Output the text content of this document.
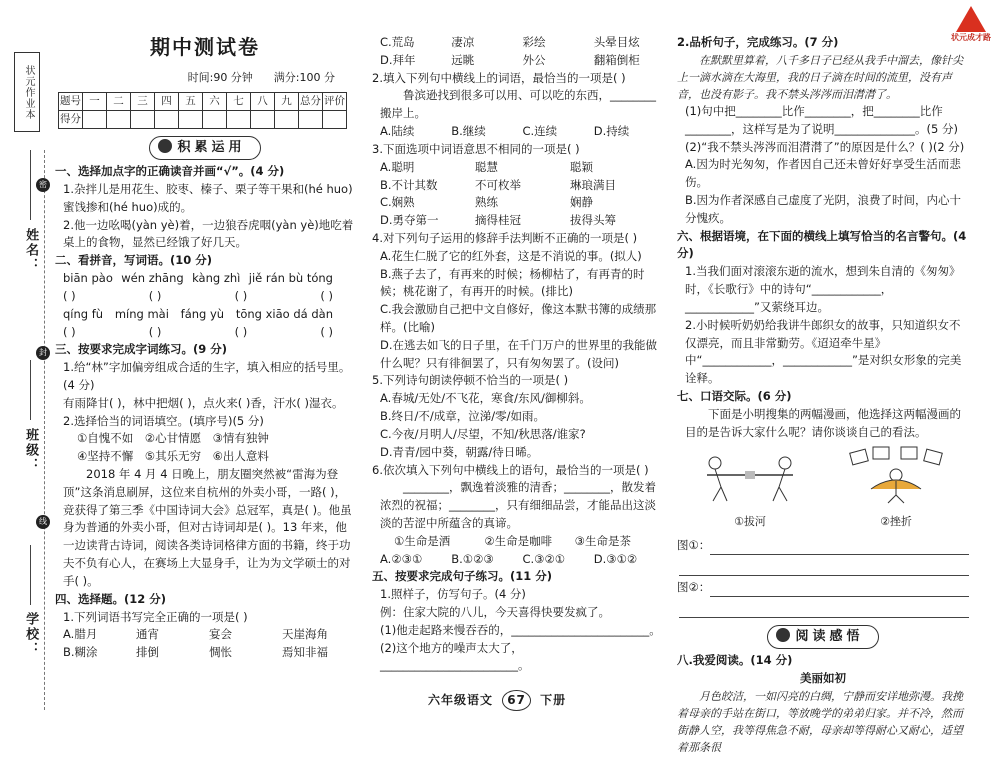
状元作业本
密
封
线
姓名：
班级：
学校：
状元成才路
期中测试卷
时间:90 分钟 满分:100 分
题号	一	二	三	四	五	六	七	八	九	总分	评价
得分											
积累运用

一、选择加点字的正确读音并画“√”。(4 分)

1.杂拌儿是用花生、胶枣、榛子、栗子等干果和(hé huo)蜜饯掺和(hé huo)成的。

2.他一边吆喝(yàn yè)着，一边狼吞虎咽(yàn yè)地吃着桌上的食物，显然已经饿了好几天。

二、看拼音，写词语。(10 分)

biān pào wén zhāng kàng zhì jiě rán bù tóng
( )	( )	( )	( )
qíng fù míng mài fáng yù tōng xiāo dá dàn
( )	( )	( )	( )

三、按要求完成字词练习。(9 分)

1.给“林”字加偏旁组成合适的生字，填入相应的括号里。(4 分)

有雨降甘( )，林中把烟( )，点火来( )香，汗水( )湿衣。

2.选择恰当的词语填空。(填序号)(5 分)

①自愧不如　②心甘情愿　③情有独钟

④坚持不懈　⑤其乐无穷　⑥出人意料

2018 年 4 月 4 日晚上，朋友圈突然被“雷海为登顶”这条消息刷屏，这位来自杭州的外卖小哥，一路( )，竞获得了第三季《中国诗词大会》总冠军，真是( )。他虽身为普通的外卖小哥，但对古诗词却是( )。13 年来，他一边读背古诗词，阅读各类诗词格律方面的书籍，终于功夫不负有心人，在赛场上大显身手，让为为文学硕士的对手( )。

四、选择题。(12 分)

1.下列词语书写完全正确的一项是( )

A.腊月	通宵	宴会	天崖海角
B.糊涂	排倒	惆怅	焉知非福
C.荒岛	凄凉	彩绘	头晕目炫
D.拜年	远眺	外公	翻箱倒柜

2.填入下列句中横线上的词语，最恰当的一项是( )

鲁滨逊找到很多可以用、可以吃的东西，________搬岸上。

A.陆续	B.继续	C.连续	D.持续

3.下面选项中词语意思不相同的一项是( )

A.聪明	聪慧	聪颖
B.不计其数	不可枚举	琳琅满目
C.娴熟	熟练	娴静
D.勇夺第一	摘得桂冠	拔得头筹

4.对下列句子运用的修辞手法判断不正确的一项是( )

A.花生仁脱了它的红外套，这是不消说的事。(拟人)

B.燕子去了，有再来的时候；杨柳枯了，有再青的时候；桃花谢了，有再开的时候。(排比)

C.我会激励自己把中文自修好，像这本默书簿的成绩那样。(比喻)

D.在逃去如飞的日子里，在千门万户的世界里的我能做什么呢？只有徘徊罢了，只有匆匆罢了。(设问)

5.下列诗句朗读停顿不恰当的一项是( )

A.春城/无处/不飞花，寒食/东风/御柳斜。

B.终日/不/成章，泣涕/零/如雨。

C.今夜/月明人/尽望，不知/秋思落/谁家?

D.青青/园中葵，朝露/待日晞。

6.依次填入下列句中横线上的语句，最恰当的一项是( )

________，飘逸着淡雅的清香；________，散发着浓烈的祝福；________，只有细细品尝，才能品出这淡淡的苦涩中所蕴含的真谛。

①生命是酒	②生命是咖啡	③生命是茶
A.②③①	B.①②③	C.③②①	D.③①②

五、按要求完成句子练习。(11 分)

1.照样子，仿写句子。(4 分)

例：住家大院的八儿，今天喜得快要发疯了。

(1)他走起路来慢吞吞的，________________________。

(2)这个地方的噪声太大了，________________________。

2.品析句子，完成练习。(7 分)

在默默里算着，八千多日子已经从我手中溜去，像针尖上一滴水滴在大海里，我的日子滴在时间的流里，没有声音，也没有影子。我不禁头涔涔而泪潸潸了。

(1)句中把________比作________，把________比作________，这样写是为了说明______________。(5 分)

(2)“我不禁头涔涔而泪潸潸了”的原因是什么？( )(2 分)

A.因为时光匆匆，作者因自己还未曾好好享受生活而悲伤。

B.因为作者深感自己虚度了光阴，浪费了时间，内心十分愧疚。

六、根据语境，在下面的横线上填写恰当的名言警句。(4 分)

1.当我们面对滚滚东逝的流水，想到朱自清的《匆匆》时，《长歌行》中的诗句“____________，____________”又萦绕耳边。

2.小时候听奶奶给我讲牛郎织女的故事，只知道织女不仅漂亮，而且非常勤劳。《迢迢牵牛星》中“____________，____________”是对织女形象的完美诠释。

七、口语交际。(6 分)

下面是小明搜集的两幅漫画，他选择这两幅漫画的目的是告诉大家什么呢？请你谈谈自己的看法。

①拔河	②挫折
图①：
图②：
阅读感悟

八.我爱阅读。(14 分)

美丽如初

月色皎洁，一如闪亮的白绸，宁静而安详地弥漫。我挽着母亲的手站在街口，等放晚学的弟弟归家。并不冷，然而街静人空，我等得焦急不耐，母亲却等得耐心又耐心，适望着那条很

六年级语文 67 下册
